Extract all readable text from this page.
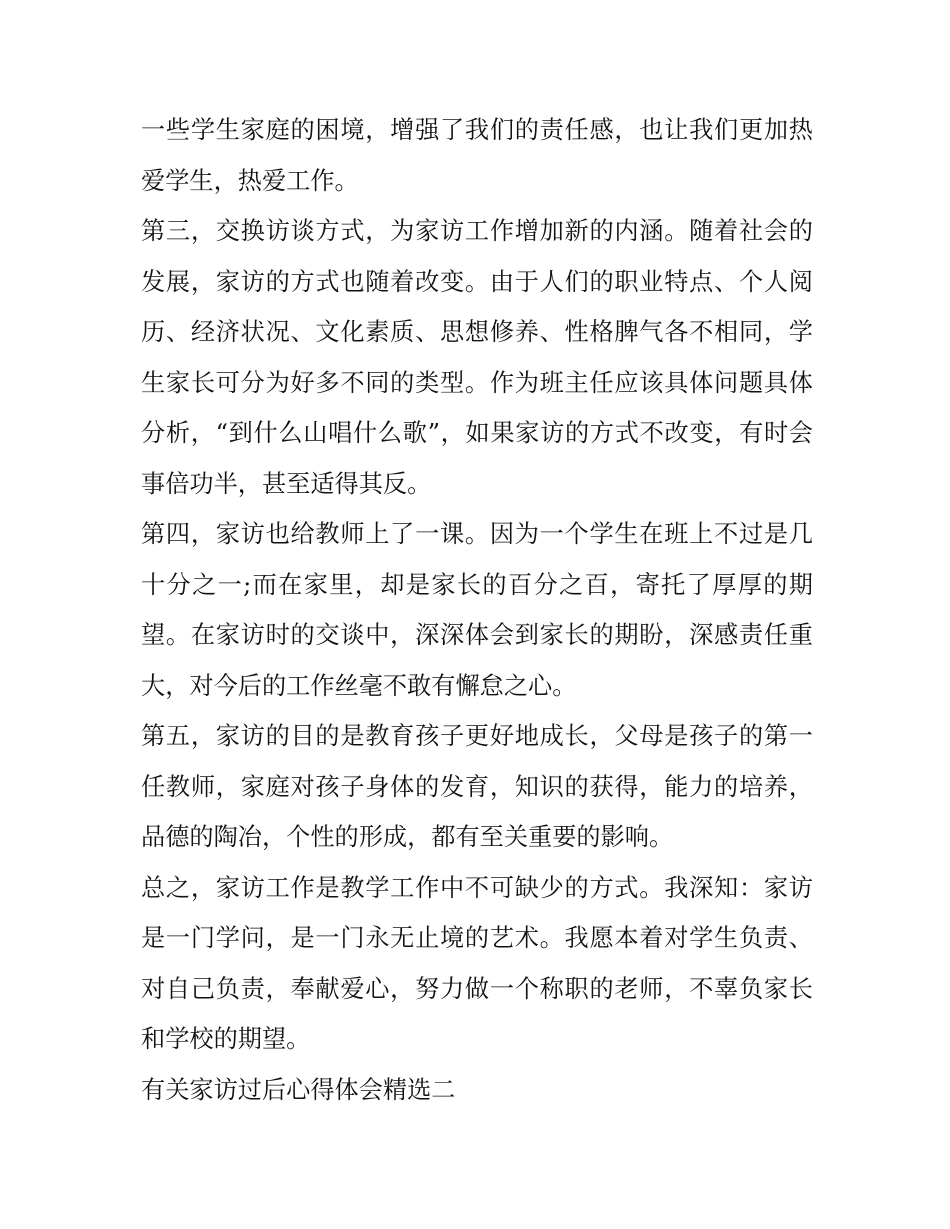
一些学生家庭的困境，增强了我们的责任感，也让我们更加热爱学生，热爱工作。

第三，交换访谈方式，为家访工作增加新的内涵。随着社会的发展，家访的方式也随着改变。由于人们的职业特点、个人阅历、经济状况、文化素质、思想修养、性格脾气各不相同，学生家长可分为好多不同的类型。作为班主任应该具体问题具体分析，“到什么山唱什么歌”，如果家访的方式不改变，有时会事倍功半，甚至适得其反。

第四，家访也给教师上了一课。因为一个学生在班上不过是几十分之一;而在家里，却是家长的百分之百，寄托了厚厚的期望。在家访时的交谈中，深深体会到家长的期盼，深感责任重大，对今后的工作丝毫不敢有懈怠之心。

第五，家访的目的是教育孩子更好地成长，父母是孩子的第一任教师，家庭对孩子身体的发育，知识的获得，能力的培养，品德的陶冶，个性的形成，都有至关重要的影响。

总之，家访工作是教学工作中不可缺少的方式。我深知：家访是一门学问，是一门永无止境的艺术。我愿本着对学生负责、对自己负责，奉献爱心，努力做一个称职的老师，不辜负家长和学校的期望。

有关家访过后心得体会精选二
